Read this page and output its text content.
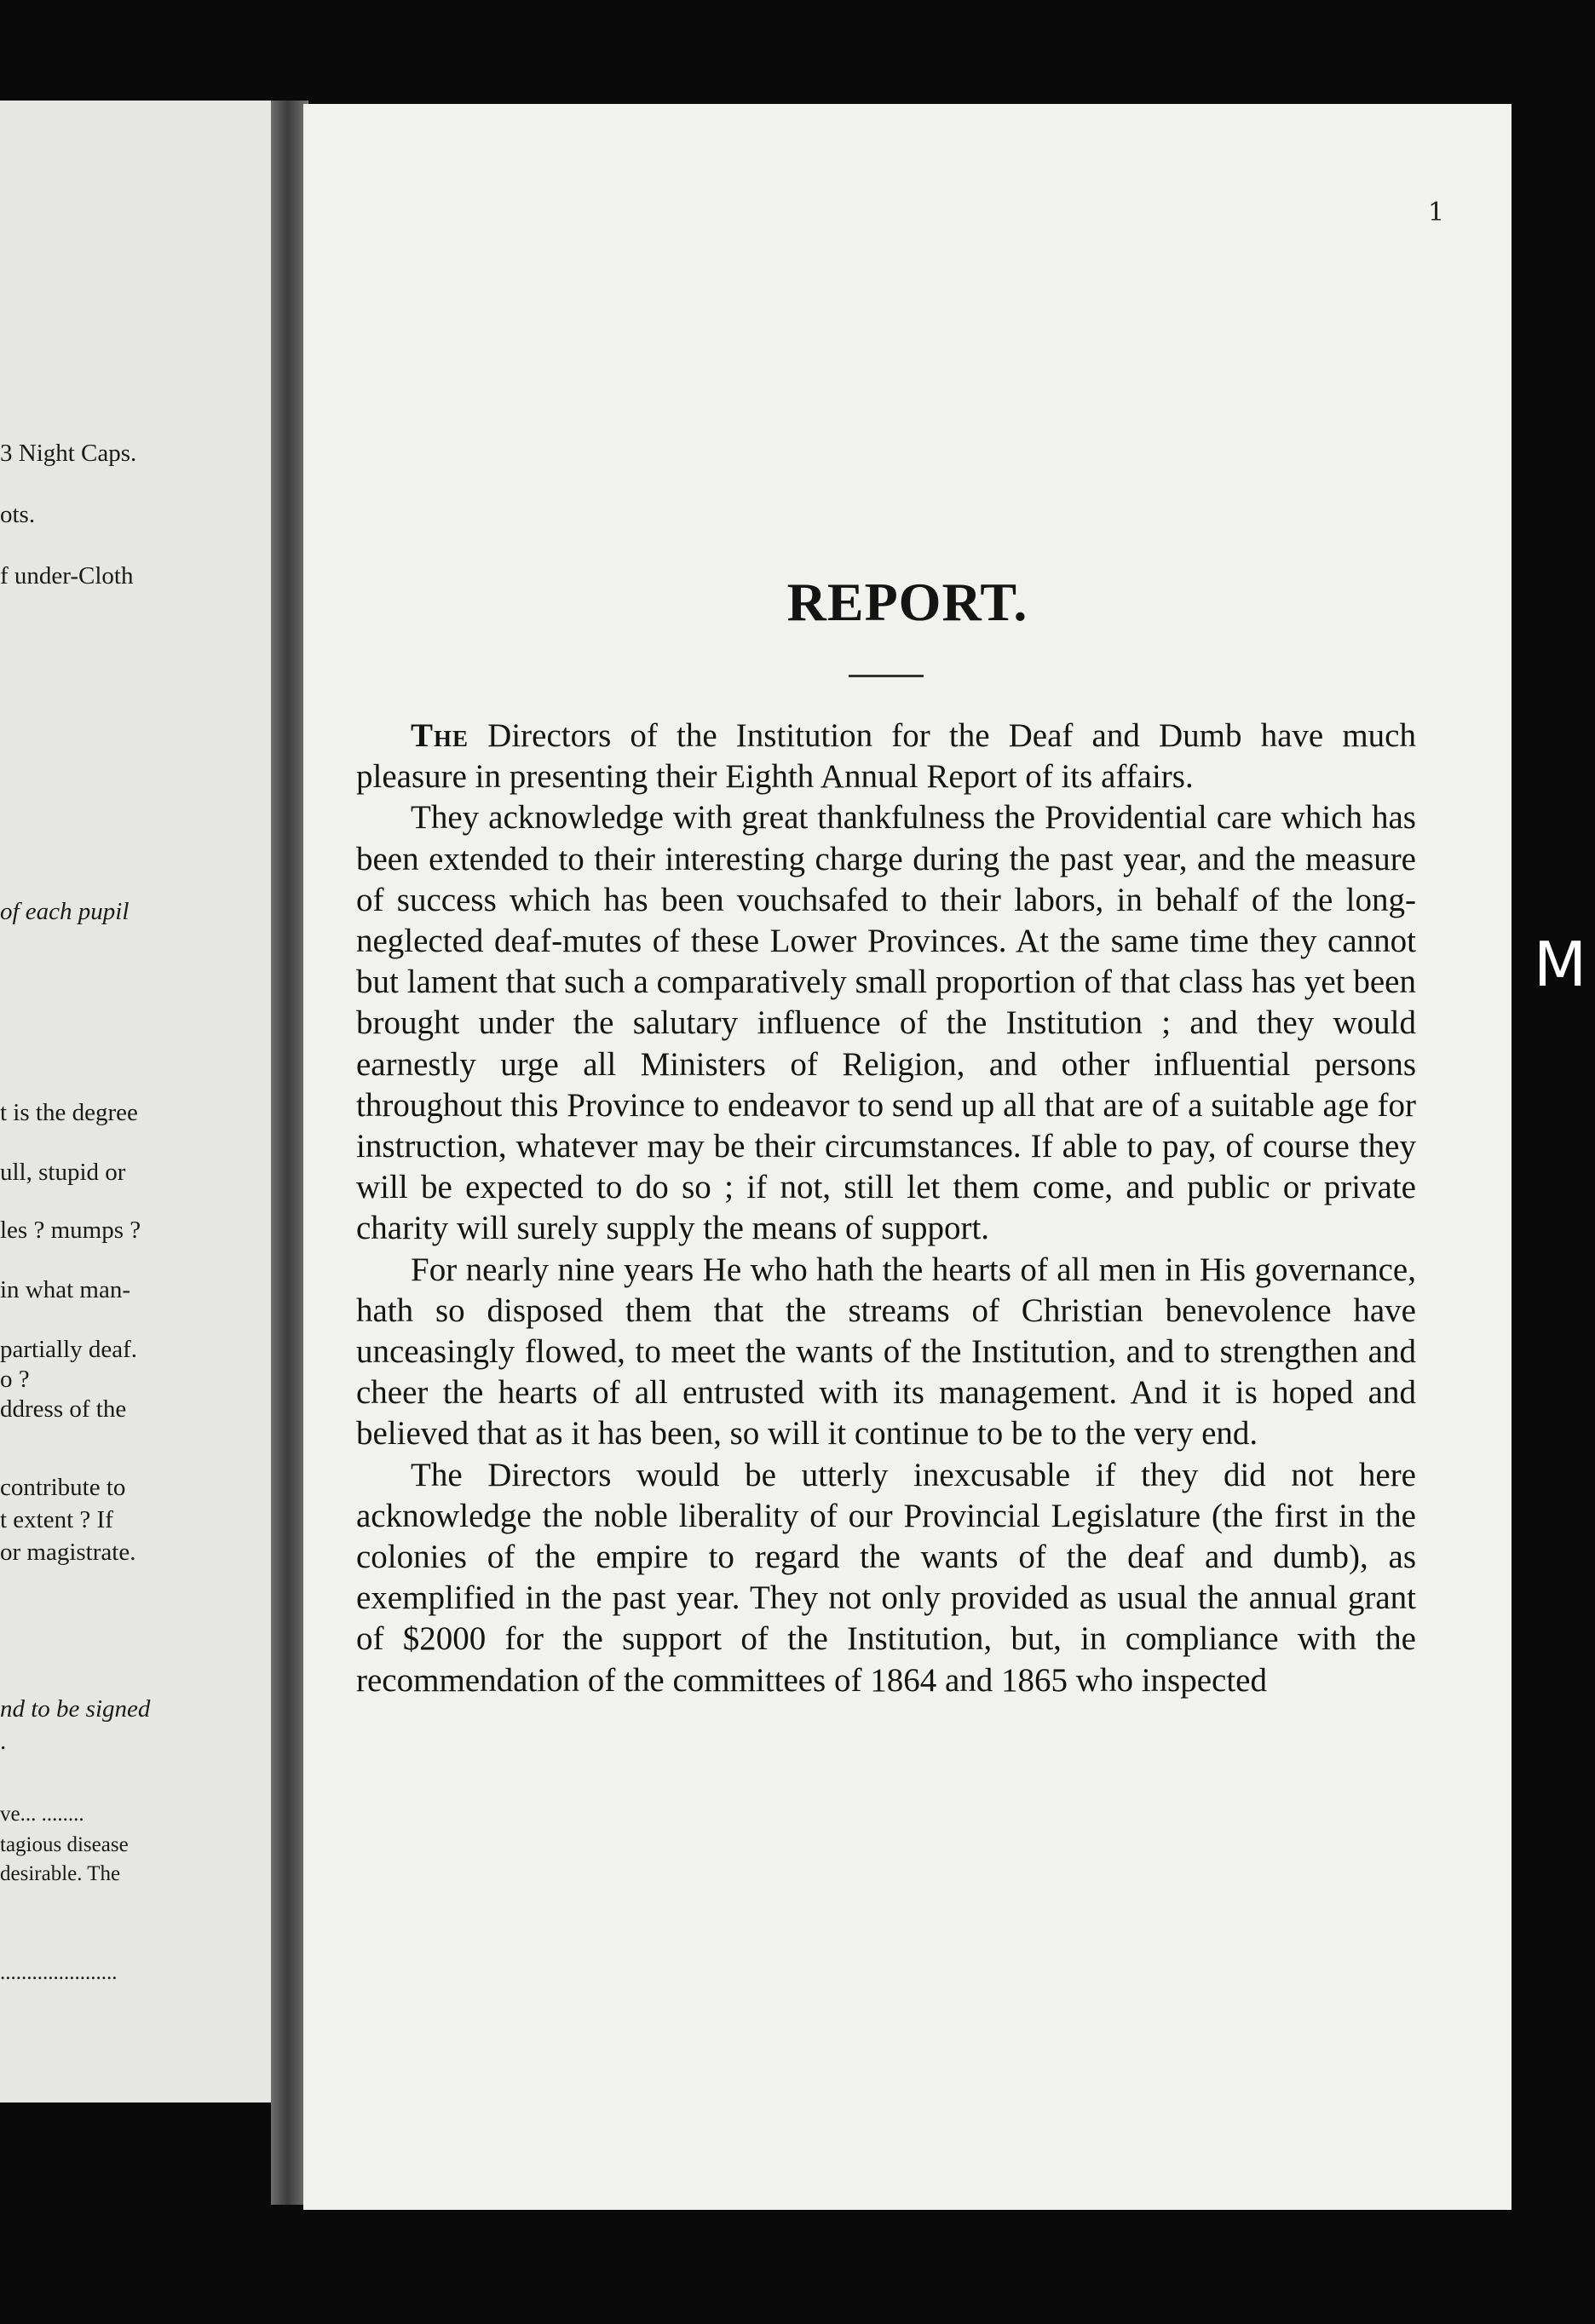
3 Night Caps.
ots.
f under-Cloth
of each pupil
t is the degree
ull, stupid or
les ? mumps ?
in what man-
partially deaf.
o ?
ddress of the
contribute to
t extent ? If
or magistrate.
nd to be signed
.
ve... ........
tagious disease
desirable. The
......................
1
REPORT.

The Directors of the Institution for the Deaf and Dumb have much pleasure in presenting their Eighth Annual Report of its affairs.

They acknowledge with great thankfulness the Providential care which has been extended to their interesting charge during the past year, and the measure of success which has been vouchsafed to their labors, in behalf of the long-neglected deaf-mutes of these Lower Provinces. At the same time they cannot but lament that such a comparatively small proportion of that class has yet been brought under the salutary influence of the Institution ; and they would earnestly urge all Ministers of Religion, and other influential persons throughout this Province to endeavor to send up all that are of a suitable age for instruction, whatever may be their circumstances. If able to pay, of course they will be expected to do so ; if not, still let them come, and public or private charity will surely supply the means of support.

For nearly nine years He who hath the hearts of all men in His governance, hath so disposed them that the streams of Christian benevolence have unceasingly flowed, to meet the wants of the Institution, and to strengthen and cheer the hearts of all entrusted with its management. And it is hoped and believed that as it has been, so will it continue to be to the very end.

The Directors would be utterly inexcusable if they did not here acknowledge the noble liberality of our Provincial Legislature (the first in the colonies of the empire to regard the wants of the deaf and dumb), as exemplified in the past year. They not only provided as usual the annual grant of $2000 for the support of the Institution, but, in compliance with the recommendation of the committees of 1864 and 1865 who inspected

M
